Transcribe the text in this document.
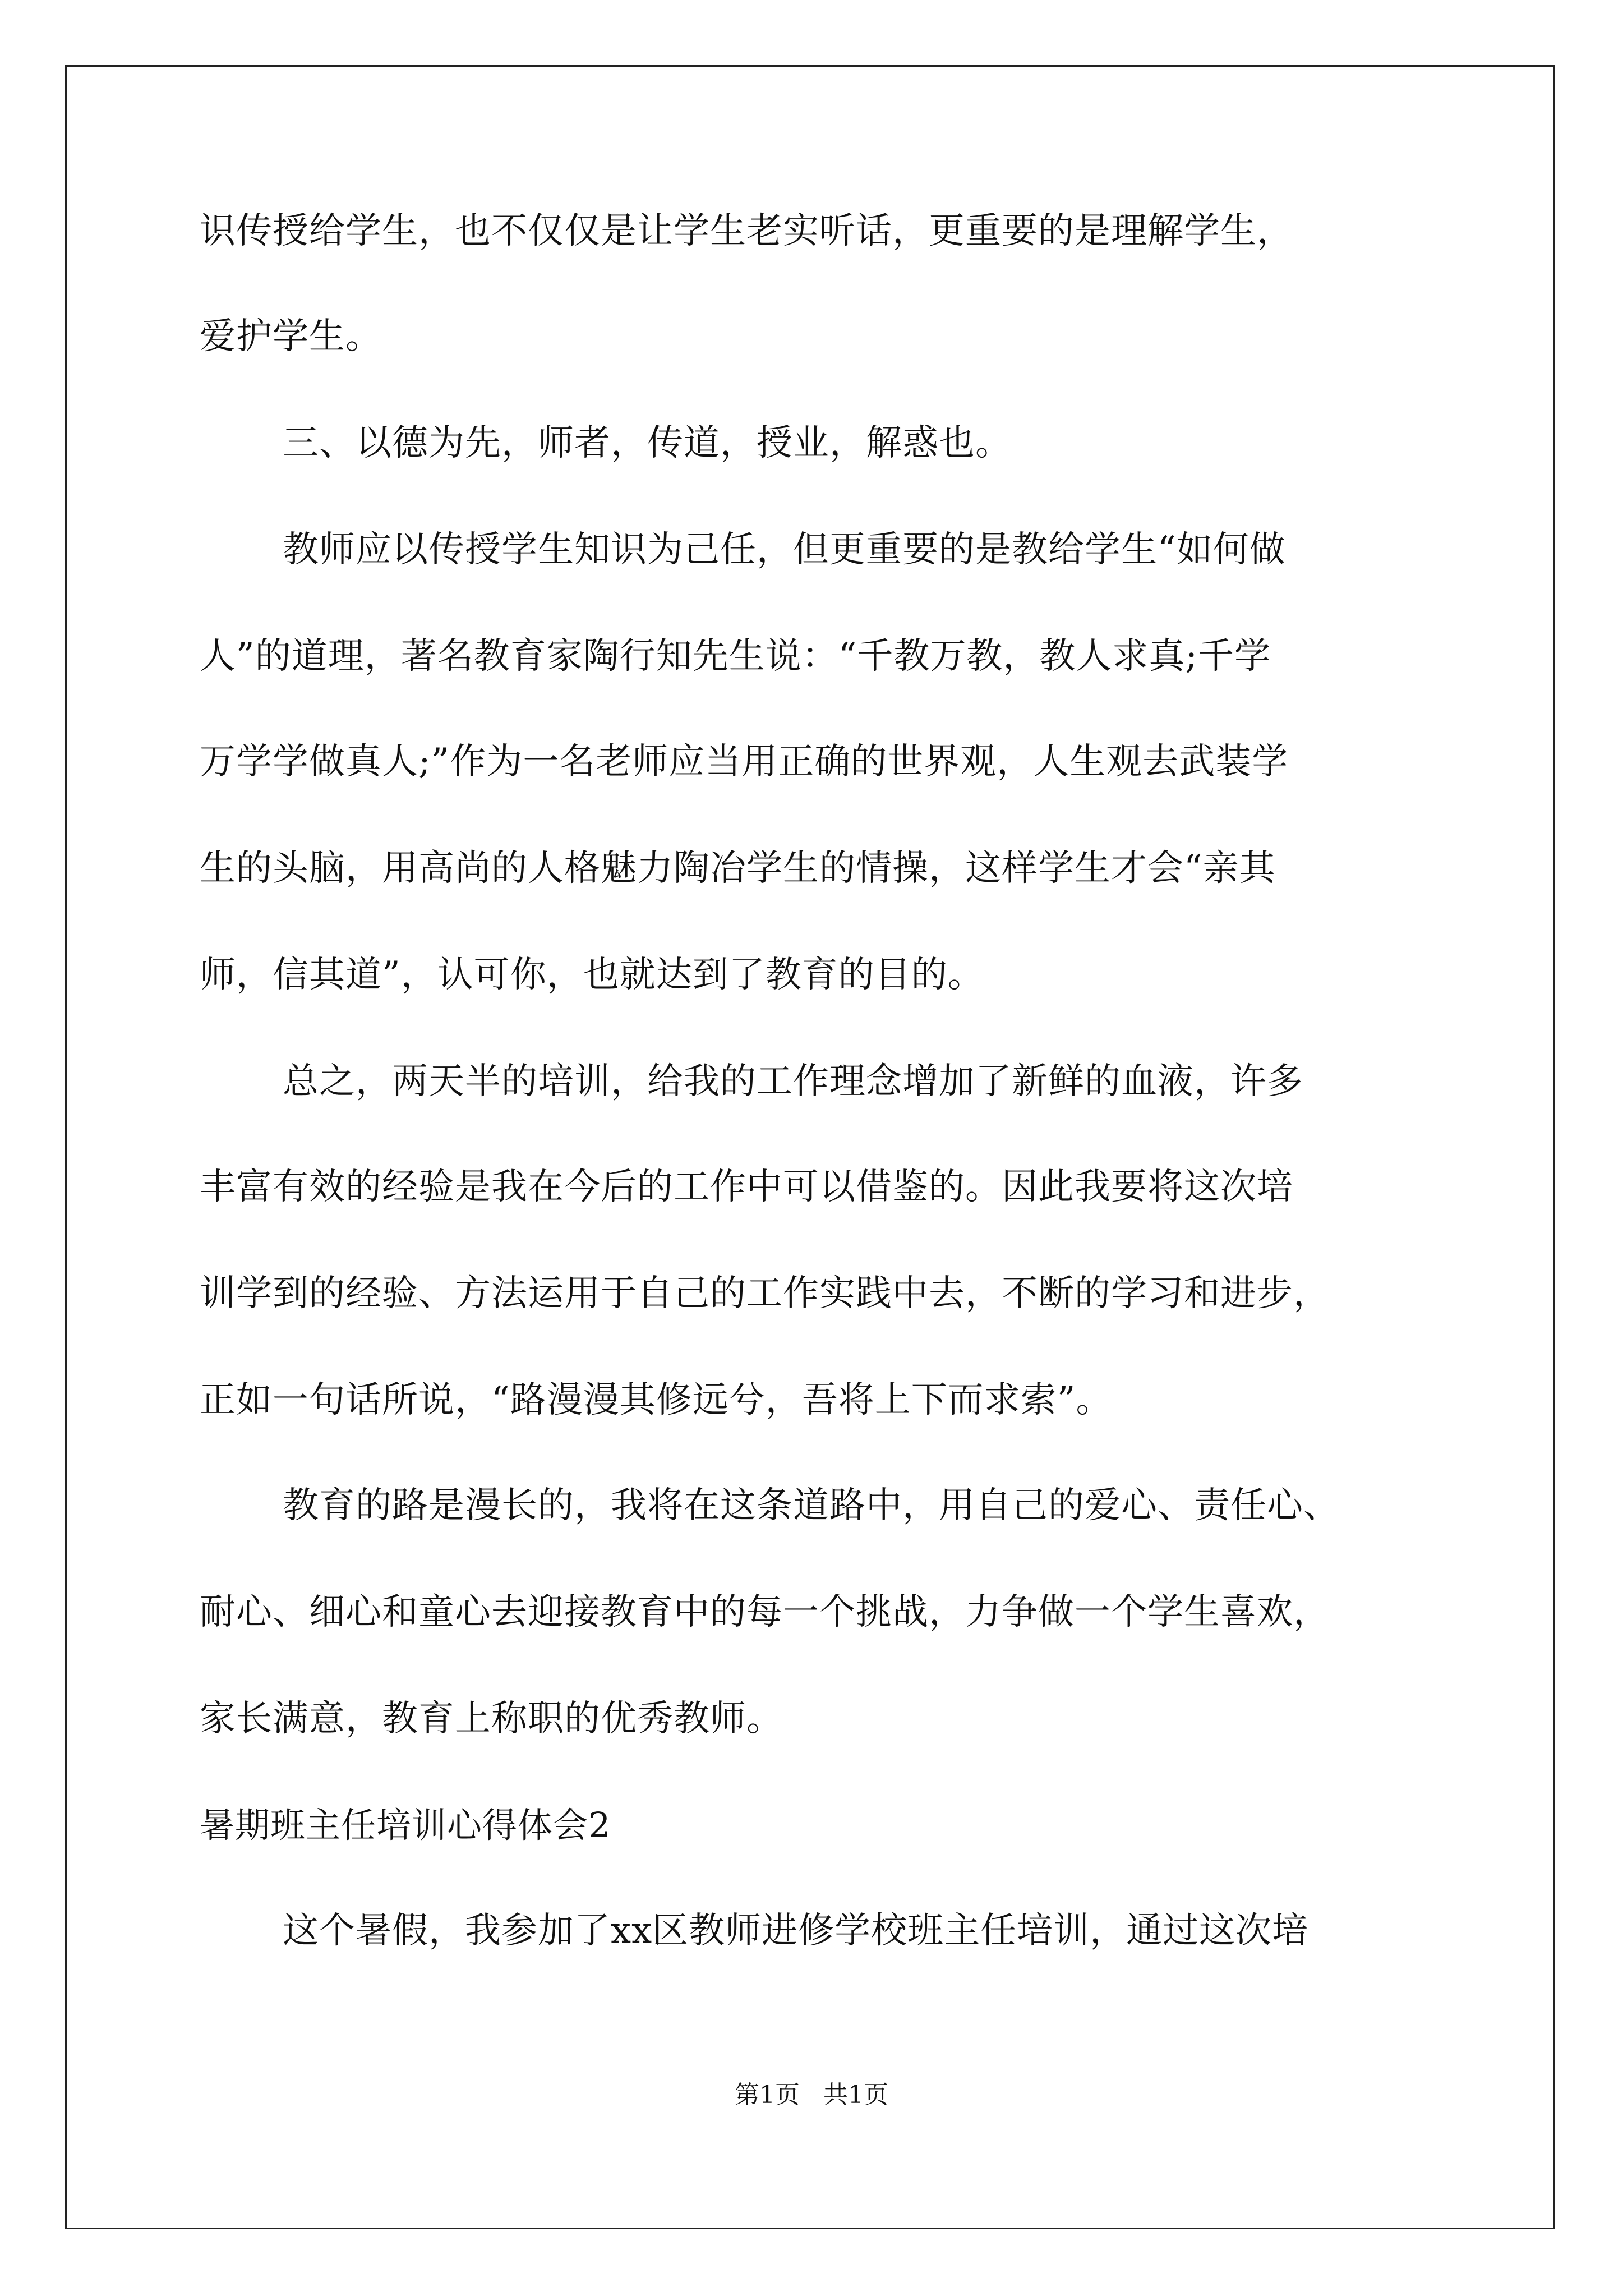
识传授给学生，也不仅仅是让学生老实听话，更重要的是理解学生，
爱护学生。
三、以德为先，师者，传道，授业，解惑也。
教师应以传授学生知识为己任，但更重要的是教给学生“如何做
人”的道理，著名教育家陶行知先生说：“千教万教，教人求真;千学
万学学做真人;”作为一名老师应当用正确的世界观，人生观去武装学
生的头脑，用高尚的人格魅力陶冶学生的情操，这样学生才会“亲其
师，信其道”，认可你，也就达到了教育的目的。
总之，两天半的培训，给我的工作理念增加了新鲜的血液，许多
丰富有效的经验是我在今后的工作中可以借鉴的。因此我要将这次培
训学到的经验、方法运用于自己的工作实践中去，不断的学习和进步，
正如一句话所说，“路漫漫其修远兮，吾将上下而求索”。
教育的路是漫长的，我将在这条道路中，用自己的爱心、责任心、
耐心、细心和童心去迎接教育中的每一个挑战，力争做一个学生喜欢，
家长满意，教育上称职的优秀教师。
暑期班主任培训心得体会2
这个暑假，我参加了xx区教师进修学校班主任培训，通过这次培
第1页   共1页
